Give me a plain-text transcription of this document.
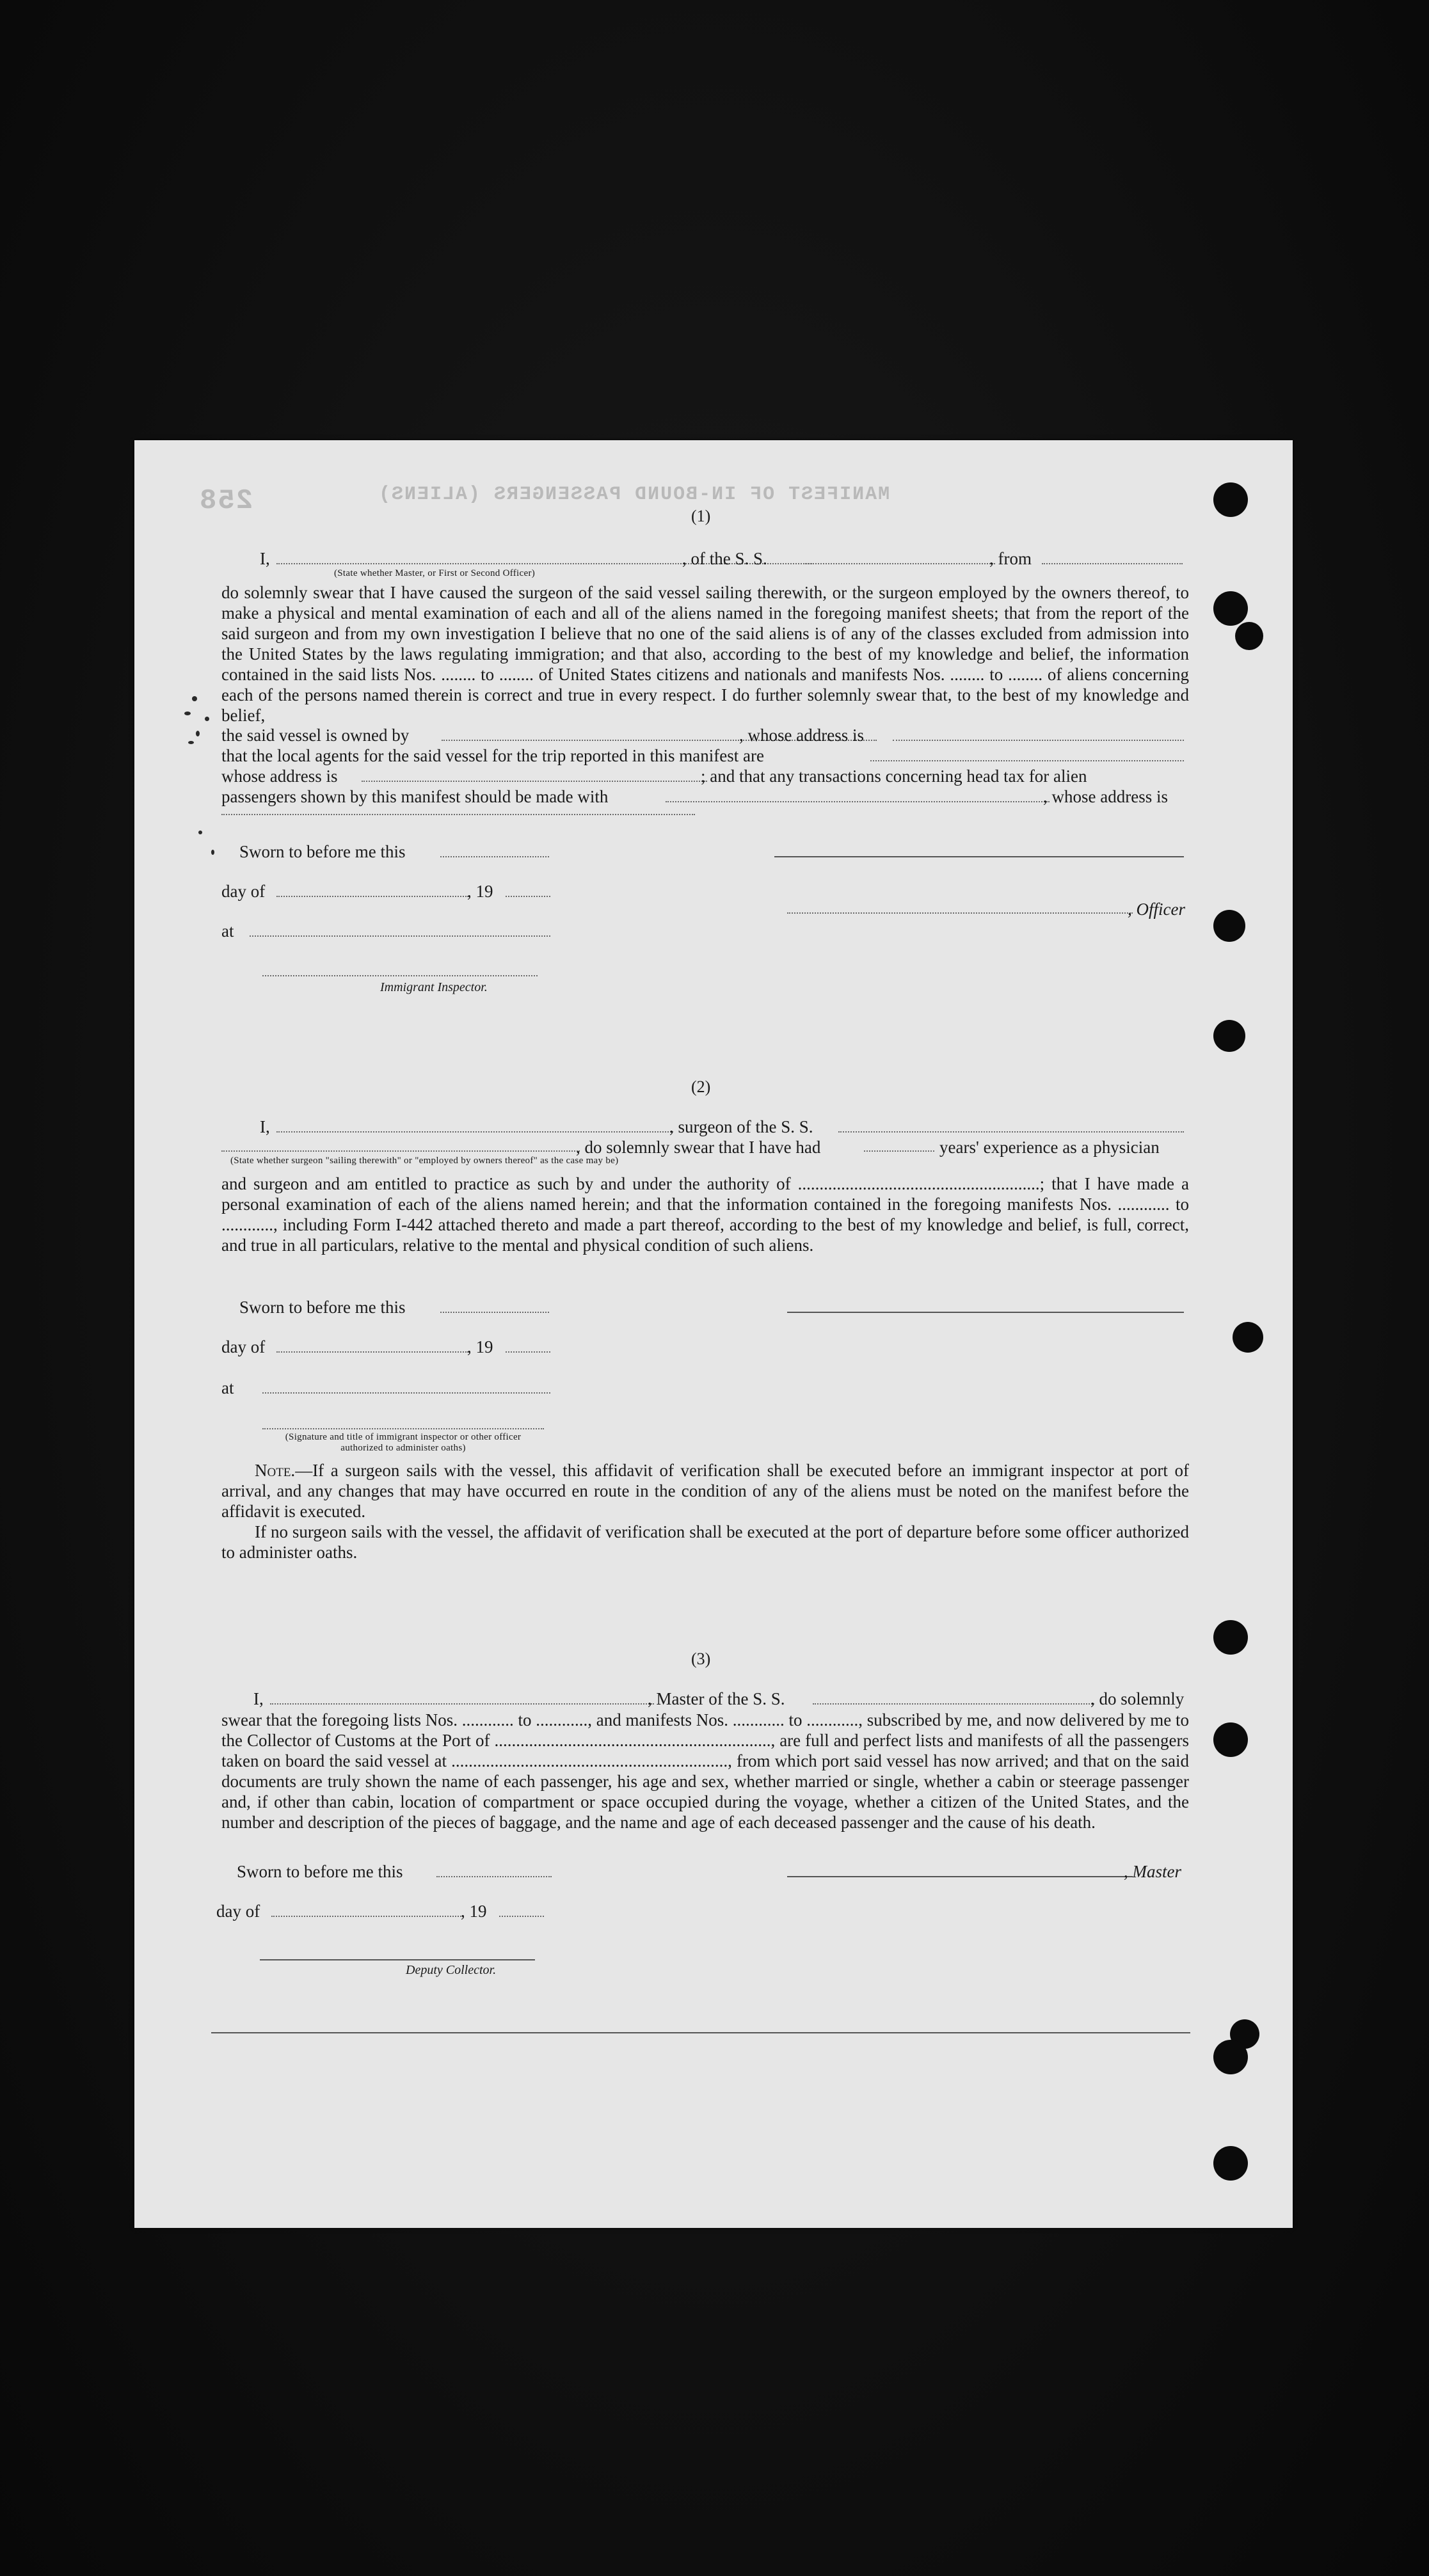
MANIFEST OF IN-BOUND PASSENGERS (ALIENS)
258	(1)
I,	, of the S. S.	, from
(State whether Master, or First or Second Officer)
do solemnly swear that I have caused the surgeon of the said vessel sailing therewith, or the surgeon employed by the owners thereof, to make a physical and mental examination of each and all of the aliens named in the foregoing manifest sheets; that from the report of the said surgeon and from my own investigation I believe that no one of the said aliens is of any of the classes excluded from admission into the United States by the laws regulating immigration; and that also, according to the best of my knowledge and belief, the information contained in the said lists Nos. ........ to ........ of United States citizens and nationals and manifests Nos. ........ to ........ of aliens concerning each of the persons named therein is correct and true in every respect. I do further solemnly swear that, to the best of my knowledge and belief,
the said vessel is owned by	, whose address is
that the local agents for the said vessel for the trip reported in this manifest are
whose address is	; and that any transactions concerning head tax for alien
passengers shown by this manifest should be made with	, whose address is
Sworn to before me this
day of	, 19
, Officer
at
Immigrant Inspector.
(2)
I,	, surgeon of the S. S.
, do solemnly swear that I have had	years' experience as a physician
(State whether surgeon "sailing therewith" or "employed by owners thereof" as the case may be)
and surgeon and am entitled to practice as such by and under the authority of ........................................................; that I have made a personal examination of each of the aliens named herein; and that the information contained in the foregoing manifests Nos. ............ to ............, including Form I-442 attached thereto and made a part thereof, according to the best of my knowledge and belief, is full, correct, and true in all particulars, relative to the mental and physical condition of such aliens.
Sworn to before me this
day of	, 19
at
(Signature and title of immigrant inspector or other officer authorized to administer oaths)
Note.—If a surgeon sails with the vessel, this affidavit of verification shall be executed before an immigrant inspector at port of arrival, and any changes that may have occurred en route in the condition of any of the aliens must be noted on the manifest before the affidavit is executed.
If no surgeon sails with the vessel, the affidavit of verification shall be executed at the port of departure before some officer authorized to administer oaths.
(3)
I,	, Master of the S. S.	, do solemnly
swear that the foregoing lists Nos. ............ to ............, and manifests Nos. ............ to ............, subscribed by me, and now delivered by me to the Collector of Customs at the Port of ................................................................, are full and perfect lists and manifests of all the passengers taken on board the said vessel at ................................................................, from which port said vessel has now arrived; and that on the said documents are truly shown the name of each passenger, his age and sex, whether married or single, whether a cabin or steerage passenger and, if other than cabin, location of compartment or space occupied during the voyage, whether a citizen of the United States, and the number and description of the pieces of baggage, and the name and age of each deceased passenger and the cause of his death.
Sworn to before me this	, Master
day of	, 19
Deputy Collector.
